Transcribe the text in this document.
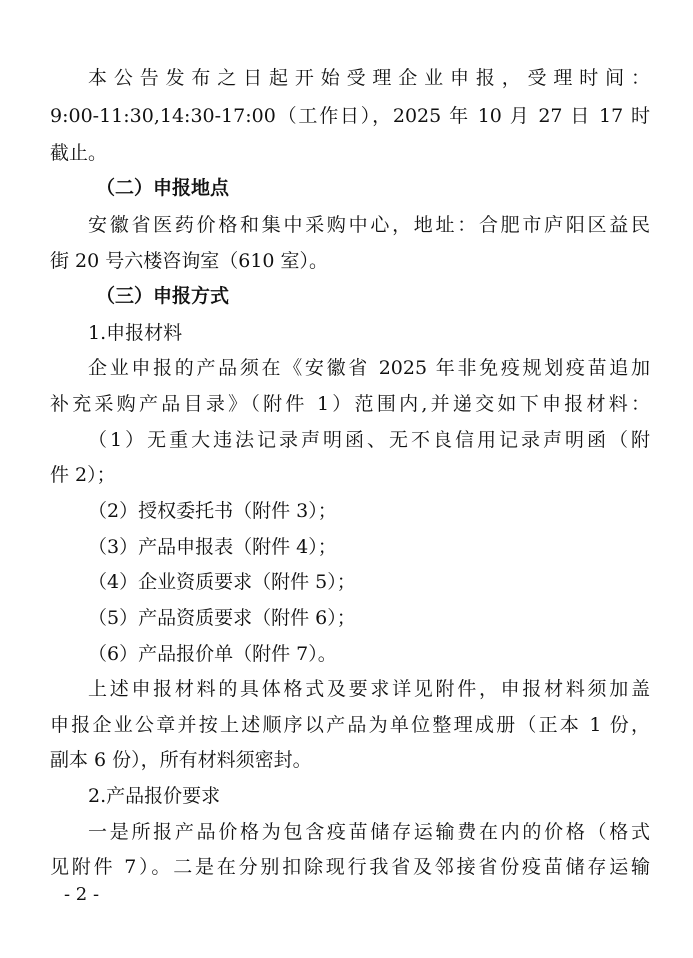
本公告发布之日起开始受理企业申报，受理时间：
9:00-11:30,14:30-17:00（工作日），2025 年 10 月 27 日 17 时
截止。
（二）申报地点
安徽省医药价格和集中采购中心，地址：合肥市庐阳区益民
街 20 号六楼咨询室（610 室）。
（三）申报方式
1.申报材料
企业申报的产品须在《安徽省 2025 年非免疫规划疫苗追加
补充采购产品目录》（附件 1）范围内,并递交如下申报材料：
（1）无重大违法记录声明函、无不良信用记录声明函（附
件 2）；
（2）授权委托书（附件 3）；
（3）产品申报表（附件 4）；
（4）企业资质要求（附件 5）；
（5）产品资质要求（附件 6）；
（6）产品报价单（附件 7）。
上述申报材料的具体格式及要求详见附件，申报材料须加盖
申报企业公章并按上述顺序以产品为单位整理成册（正本 1 份，
副本 6 份），所有材料须密封。
2.产品报价要求
一是所报产品价格为包含疫苗储存运输费在内的价格（格式
见附件 7）。二是在分别扣除现行我省及邻接省份疫苗储存运输
- 2 -
